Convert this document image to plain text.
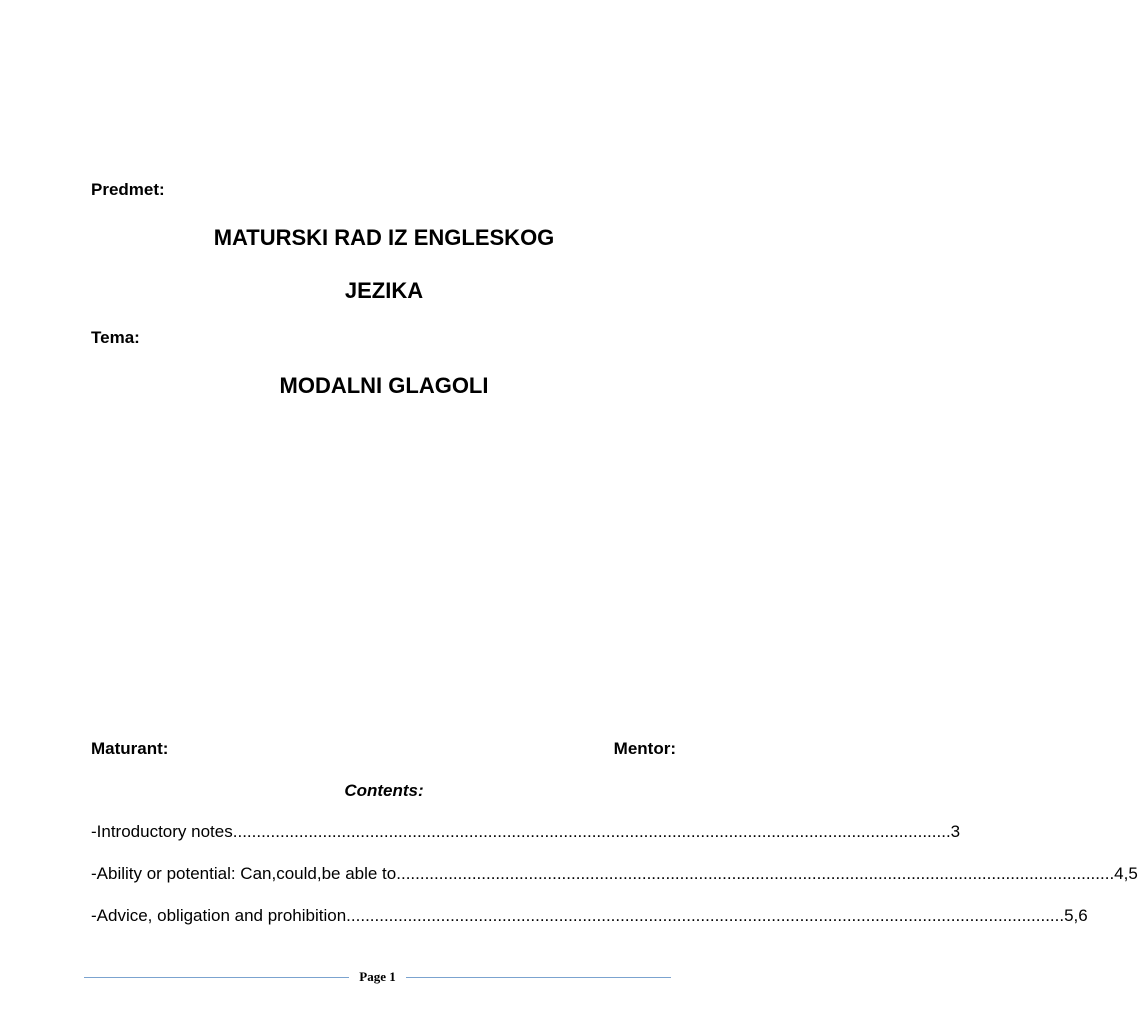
Predmet:
MATURSKI RAD IZ ENGLESKOG
JEZIKA
Tema:
MODALNI GLAGOLI
Maturant:	Mentor:
Contents:
-Introductory notes ........................................................................................................................................................ 3
-Ability or potential: Can,could,be able to ........................................................................................................................................................ 4,5
-Advice, obligation and prohibition ........................................................................................................................................................ 5,6
Page 1
